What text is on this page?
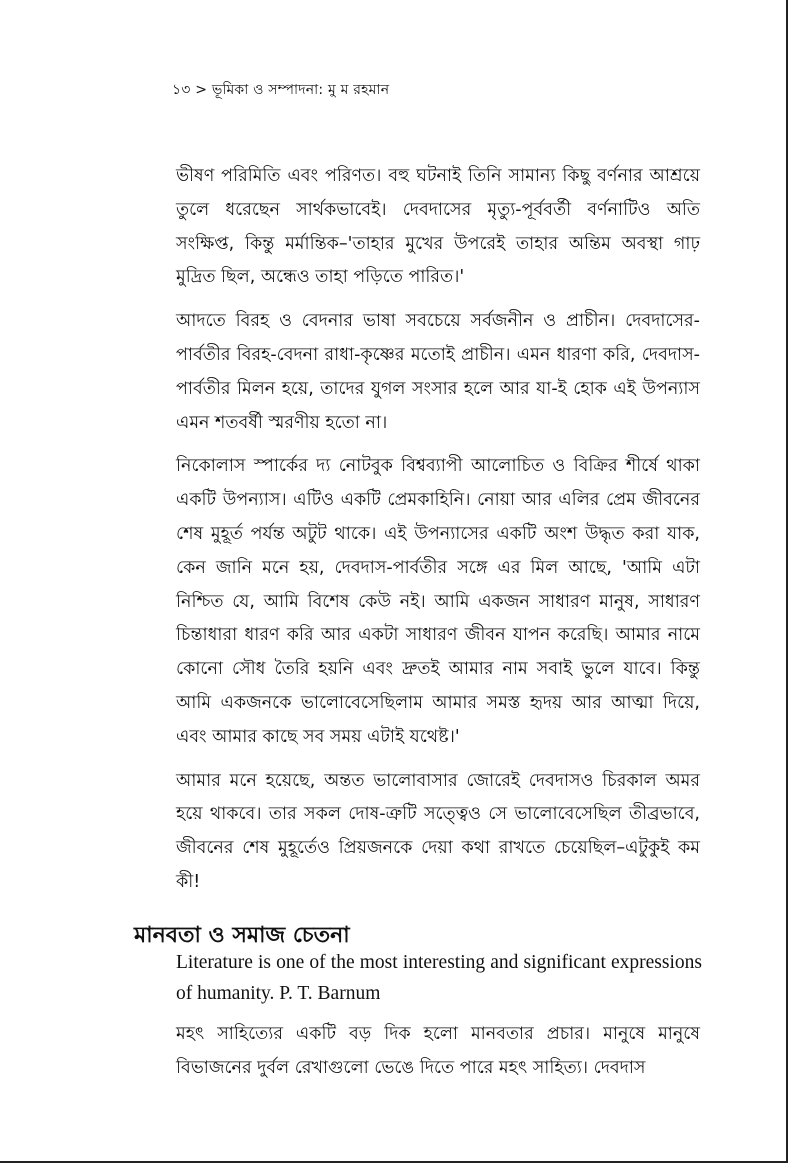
১৩ > ভূমিকা ও সম্পাদনা: মু ম রহমান

ভীষণ পরিমিতি এবং পরিণত। বহু ঘটনাই তিনি সামান্য কিছু বর্ণনার আশ্রয়ে তুলে ধরেছেন সার্থকভাবেই। দেবদাসের মৃত্যু-পূর্ববর্তী বর্ণনাটিও অতি সংক্ষিপ্ত, কিন্তু মর্মান্তিক–'তাহার মুখের উপরেই তাহার অন্তিম অবস্থা গাঢ় মুদ্রিত ছিল, অন্ধেও তাহা পড়িতে পারিত।'

আদতে বিরহ ও বেদনার ভাষা সবচেয়ে সর্বজনীন ও প্রাচীন। দেবদাসের-পার্বতীর বিরহ-বেদনা রাধা-কৃষ্ণের মতোই প্রাচীন। এমন ধারণা করি, দেবদাস-পার্বতীর মিলন হয়ে, তাদের যুগল সংসার হলে আর যা-ই হোক এই উপন্যাস এমন শতবর্ষী স্মরণীয় হতো না।

নিকোলাস স্পার্কের দ্য নোটবুক বিশ্বব্যাপী আলোচিত ও বিক্রির শীর্ষে থাকা একটি উপন্যাস। এটিও একটি প্রেমকাহিনি। নোয়া আর এলির প্রেম জীবনের শেষ মুহূর্ত পর্যন্ত অটুট থাকে। এই উপন্যাসের একটি অংশ উদ্ধৃত করা যাক, কেন জানি মনে হয়, দেবদাস-পার্বতীর সঙ্গে এর মিল আছে, 'আমি এটা নিশ্চিত যে, আমি বিশেষ কেউ নই। আমি একজন সাধারণ মানুষ, সাধারণ চিন্তাধারা ধারণ করি আর একটা সাধারণ জীবন যাপন করেছি। আমার নামে কোনো সৌধ তৈরি হয়নি এবং দ্রুতই আমার নাম সবাই ভুলে যাবে। কিন্তু আমি একজনকে ভালোবেসেছিলাম আমার সমস্ত হৃদয় আর আত্মা দিয়ে, এবং আমার কাছে সব সময় এটাই যথেষ্ট।'

আমার মনে হয়েছে, অন্তত ভালোবাসার জোরেই দেবদাসও চিরকাল অমর হয়ে থাকবে। তার সকল দোষ-ত্রুটি সত্ত্বেও সে ভালোবেসেছিল তীব্রভাবে, জীবনের শেষ মুহূর্তেও প্রিয়জনকে দেয়া কথা রাখতে চেয়েছিল–এটুকুই কম কী!

মানবতা ও সমাজ চেতনা

Literature is one of the most interesting and significant expressions of humanity. P. T. Barnum

মহৎ সাহিত্যের একটি বড় দিক হলো মানবতার প্রচার। মানুষে মানুষে বিভাজনের দুর্বল রেখাগুলো ভেঙে দিতে পারে মহৎ সাহিত্য। দেবদাস
